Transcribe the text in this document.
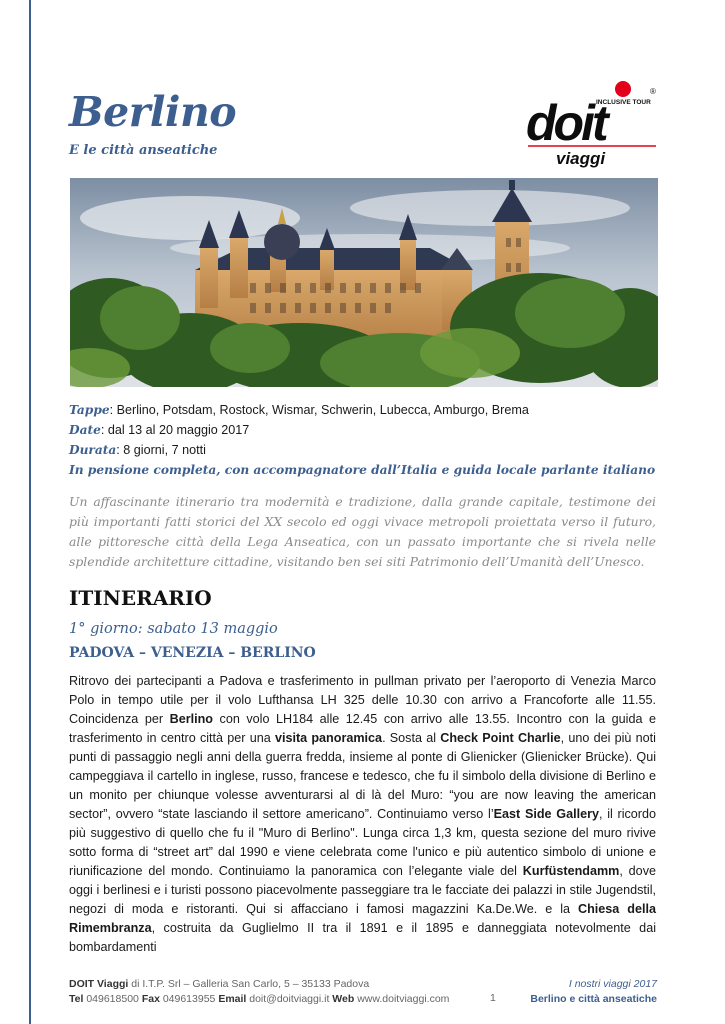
Berlino
E le città anseatiche
INCLUSIVE TOUR
®
doit
viaggi
Tappe: Berlino, Potsdam, Rostock, Wismar, Schwerin, Lubecca, Amburgo, Brema
Date: dal 13 al 20 maggio 2017
Durata: 8 giorni, 7 notti
In pensione completa, con accompagnatore dall’Italia e guida locale parlante italiano

Un affascinante itinerario tra modernità e tradizione, dalla grande capitale, testimone dei più importanti fatti storici del XX secolo ed oggi vivace metropoli proiettata verso il futuro, alle pittoresche città della Lega Anseatica, con un passato importante che si rivela nelle splendide architetture cittadine, visitando ben sei siti Patrimonio dell’Umanità dell’Unesco.

ITINERARIO
1° giorno: sabato 13 maggio
PADOVA – VENEZIA – BERLINO

Ritrovo dei partecipanti a Padova e trasferimento in pullman privato per l’aeroporto di Venezia Marco Polo in tempo utile per il volo Lufthansa LH 325 delle 10.30 con arrivo a Francoforte alle 11.55. Coincidenza per Berlino con volo LH184 alle 12.45 con arrivo alle 13.55. Incontro con la guida e trasferimento in centro città per una visita panoramica. Sosta al Check Point Charlie, uno dei più noti punti di passaggio negli anni della guerra fredda, insieme al ponte di Glienicker (Glienicker Brücke). Qui campeggiava il cartello in inglese, russo, francese e tedesco, che fu il simbolo della divisione di Berlino e un monito per chiunque volesse avventurarsi al di là del Muro: “you are now leaving the american sector”, ovvero “state lasciando il settore americano”. Continuiamo verso l’East Side Gallery, il ricordo più suggestivo di quello che fu il "Muro di Berlino". Lunga circa 1,3 km, questa sezione del muro rivive sotto forma di “street art” dal 1990 e viene celebrata come l'unico e più autentico simbolo di unione e riunificazione del mondo. Continuiamo la panoramica con l’elegante viale del Kurfüstendamm, dove oggi i berlinesi e i turisti possono piacevolmente passeggiare tra le facciate dei palazzi in stile Jugendstil, negozi di moda e ristoranti. Qui si affacciano i famosi magazzini Ka.De.We. e la Chiesa della Rimembranza, costruita da Guglielmo II tra il 1891 e il 1895 e danneggiata notevolmente dai bombardamenti

DOIT Viaggi di I.T.P. Srl – Galleria San Carlo, 5 – 35133 Padova
Tel 049618500 Fax 049613955 Email doit@doitviaggi.it Web www.doitviaggi.com	1
I nostri viaggi 2017
Berlino e città anseatiche
